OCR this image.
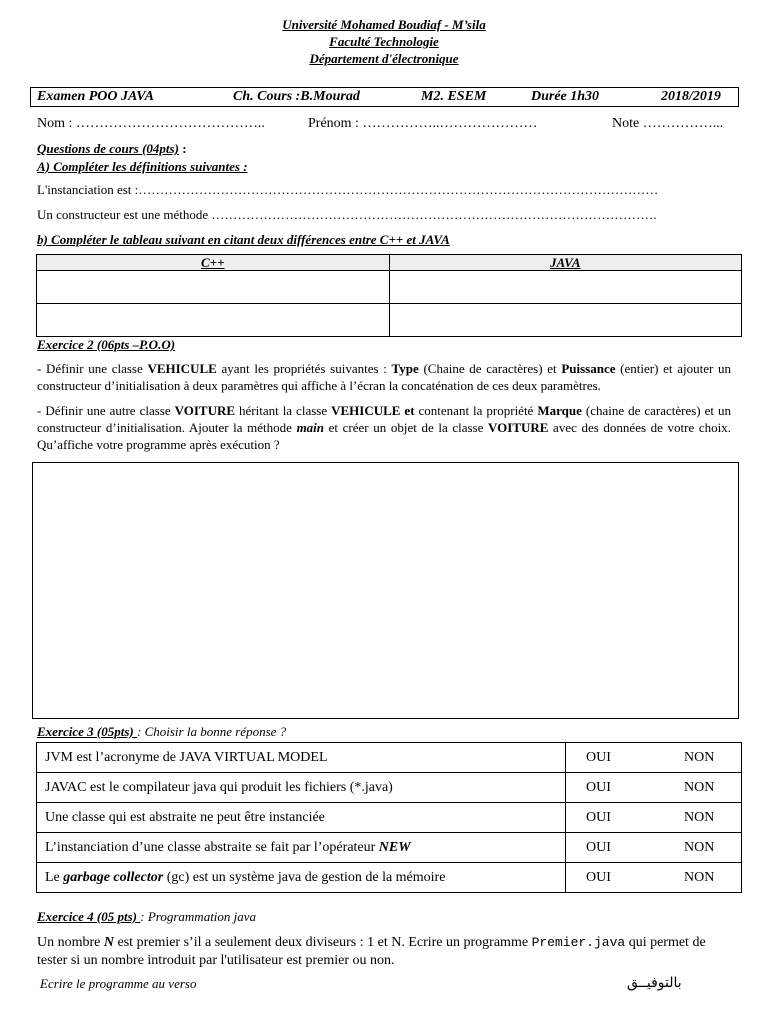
Université Mohamed Boudiaf - M’sila
Faculté Technologie
Département d'électronique
Examen POO JAVA	Ch. Cours :B.Mourad	M2. ESEM	Durée 1h30	2018/2019
Nom : …………………………………..	Prénom : ……………..…………………	Note ……………...
Questions de cours (04pts) :
A) Compléter les définitions suivantes :
L'instanciation est :…………………………………………………………………………………………………………
Un constructeur est une méthode ………………………………………………………………………………………….
b) Compléter le tableau suivant en citant deux différences entre C++ et JAVA
C++	JAVA

Exercice 2 (06pts –P.O.O)
- Définir une classe VEHICULE ayant les propriétés suivantes : Type (Chaine de caractères) et Puissance (entier) et ajouter un constructeur d’initialisation à deux paramètres qui affiche à l’écran la concaténation de ces deux paramètres.
- Définir une autre classe VOITURE héritant la classe VEHICULE et contenant la propriété Marque (chaine de caractères) et un constructeur d’initialisation. Ajouter la méthode main et créer un objet de la classe VOITURE avec des données de votre choix. Qu’affiche votre programme après exécution ?
Exercice 3 (05pts) : Choisir la bonne réponse ?
JVM est l’acronyme de JAVA VIRTUAL MODEL	OUI NON
JAVAC est le compilateur java qui produit les fichiers (*.java)	OUI NON
Une classe qui est abstraite ne peut être instanciée	OUI NON
L’instanciation d’une classe abstraite se fait par l’opérateur NEW	OUI NON
Le garbage collector (gc) est un système java de gestion de la mémoire	OUI NON
Exercice 4 (05 pts) : Programmation java
Un nombre N est premier s’il a seulement deux diviseurs : 1 et N. Ecrire un programme Premier.java qui permet de tester si un nombre introduit par l'utilisateur est premier ou non.
Ecrire le programme au verso	بالتوفيــق
